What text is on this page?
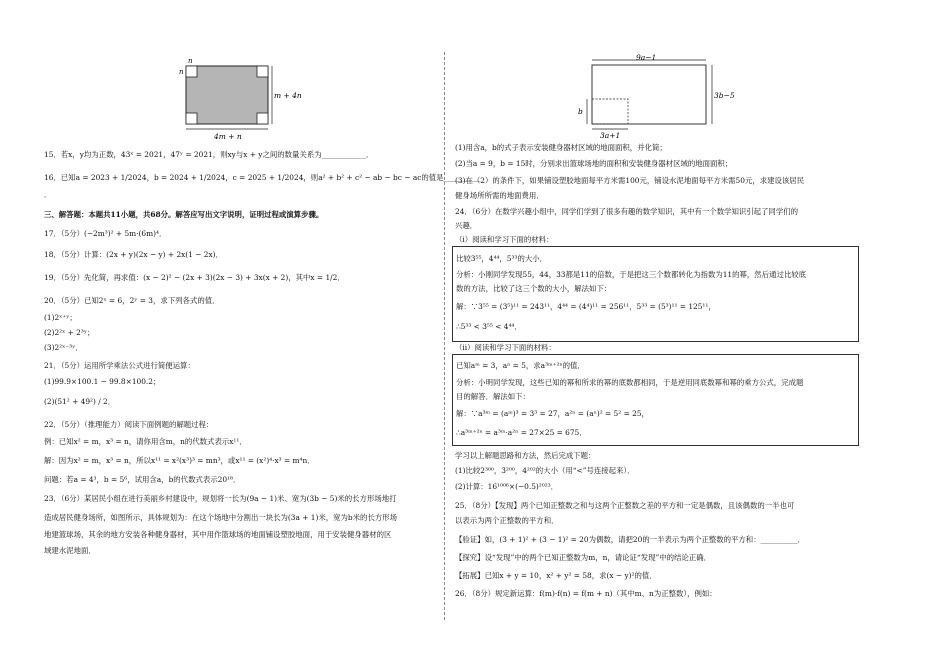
n
n
m + 4n
4m + n
15．若x，y均为正数，43ˣ = 2021，47ʸ = 2021，则xy与x + y之间的数量关系为____________．
16．已知a = 2023 + 1/2024，b = 2024 + 1/2024，c = 2025 + 1/2024，则a² + b² + c² − ab − bc − ac的值是__________
．
三、解答题：本题共11小题，共68分。解答应写出文字说明，证明过程或演算步骤。
17．（5分）(−2m³)² + 5m·(6m)⁴．
18．（5分）计算：(2x + y)(2x − y) + 2x(1 − 2x)．
19．（5分）先化简，再求值：(x − 2)² − (2x + 3)(2x − 3) + 3x(x + 2)，其中x = 1/2．
20．（5分）已知2ˣ = 6，2ʸ = 3，求下列各式的值．
(1)2ˣ⁺ʸ；
(2)2²ˣ + 2³ʸ；
(3)2²ˣ⁻³ʸ．
21．（5分）运用所学乘法公式进行简便运算：
(1)99.9×100.1 − 99.8×100.2；
(2)(51² + 49²) / 2．
22．（5分）（推理能力）阅读下面例题的解题过程：
例：已知x² = m，x³ = n，请你用含m，n的代数式表示x¹¹．
解：因为x² = m，x³ = n，所以x¹¹ = x²(x³)³ = mn³，或x¹¹ = (x²)⁴·x³ = m⁴n．
问题：若a = 4³，b = 5⁶，试用含a，b的代数式表示20¹⁸．
23．（6分）某居民小组在进行美丽乡村建设中，规划将一长为(9a − 1)米、宽为(3b − 5)米的长方形场地打
造成居民健身场所，如图所示，具体规划为：在这个场地中分割出一块长为(3a + 1)米，宽为b米的长方形场
地建篮球场，其余的地方安装各种健身器材，其中用作篮球场的地面铺设塑胶地面，用于安装健身器材的区
域建水泥地面．
9a−1
3b−5
b
3a+1
(1)用含a，b的式子表示安装健身器材区域的地面面积，并化简；
(2)当a = 9，b = 15时，分别求出篮球场地的面积和安装健身器材区域的地面面积；
(3)在（2）的条件下，如果铺设塑胶地面每平方米需100元，铺设水泥地面每平方米需50元，求建设该居民
健身场所所需的地面费用．
24．（6分）在数学兴趣小组中，同学们学到了很多有趣的数学知识，其中有一个数学知识引起了同学们的
兴趣．
（i）阅读和学习下面的材料：
比较3⁵⁵，4⁴⁴，5³³的大小．
分析：小刚同学发现55，44，33都是11的倍数，于是把这三个数都转化为指数为11的幂，然后通过比较底
数的方法，比较了这三个数的大小，解法如下：
解：∵3⁵⁵ = (3⁵)¹¹ = 243¹¹，4⁴⁴ = (4⁴)¹¹ = 256¹¹，5³³ = (5³)¹¹ = 125¹¹，
∴5³³ < 3⁵⁵ < 4⁴⁴．
（ii）阅读和学习下面的材料：
已知aᵐ = 3，aⁿ = 5，求a³ᵐ⁺²ⁿ的值．
分析：小明同学发现，这些已知的幂和所求的幂的底数都相同，于是逆用同底数幂和幂的乘方公式，完成题
目的解答．解法如下：
解：∵a³ᵐ = (aᵐ)³ = 3³ = 27，a²ⁿ = (aⁿ)² = 5² = 25，
∴a³ᵐ⁺²ⁿ = a³ᵐ·a²ⁿ = 27×25 = 675．
学习以上解题思路和方法，然后完成下题：
(1)比较2³⁰⁰，3²⁰⁰，4²⁰²的大小（用“<”号连接起来）．
(2)计算：16¹⁰⁰⁶×(−0.5)²⁰²³．
25．（8分）【发现】两个已知正整数之和与这两个正整数之差的平方和一定是偶数，且该偶数的一半也可
以表示为两个正整数的平方和．
【验证】如，(3 + 1)² + (3 − 1)² = 20为偶数，请把20的一半表示为两个正整数的平方和：__________．
【探究】设“发现”中的两个已知正整数为m，n，请论证“发现”中的结论正确．
【拓展】已知x + y = 10，x² + y² = 58，求(x − y)²的值．
26．（8分）规定新运算：f(m)·f(n) = f(m + n)（其中m、n为正整数），例如：
